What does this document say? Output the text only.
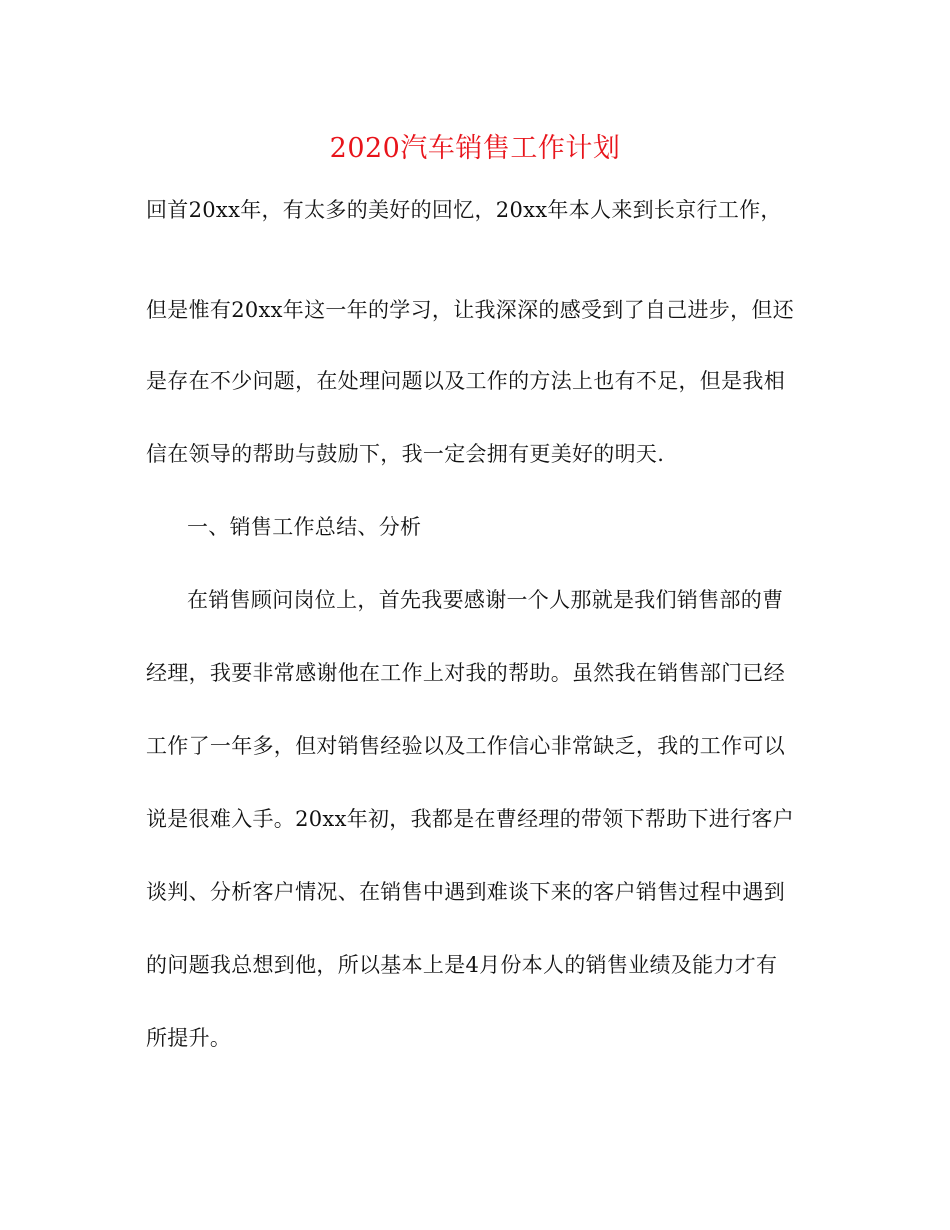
2020汽车销售工作计划
回首20xx年，有太多的美好的回忆，20xx年本人来到长京行工作，
但是惟有20xx年这一年的学习，让我深深的感受到了自己进步，但还
是存在不少问题，在处理问题以及工作的方法上也有不足，但是我相
信在领导的帮助与鼓励下，我一定会拥有更美好的明天.
一、销售工作总结、分析
在销售顾问岗位上，首先我要感谢一个人那就是我们销售部的曹
经理，我要非常感谢他在工作上对我的帮助。虽然我在销售部门已经
工作了一年多，但对销售经验以及工作信心非常缺乏，我的工作可以
说是很难入手。20xx年初，我都是在曹经理的带领下帮助下进行客户
谈判、分析客户情况、在销售中遇到难谈下来的客户销售过程中遇到
的问题我总想到他，所以基本上是4月份本人的销售业绩及能力才有
所提升。
